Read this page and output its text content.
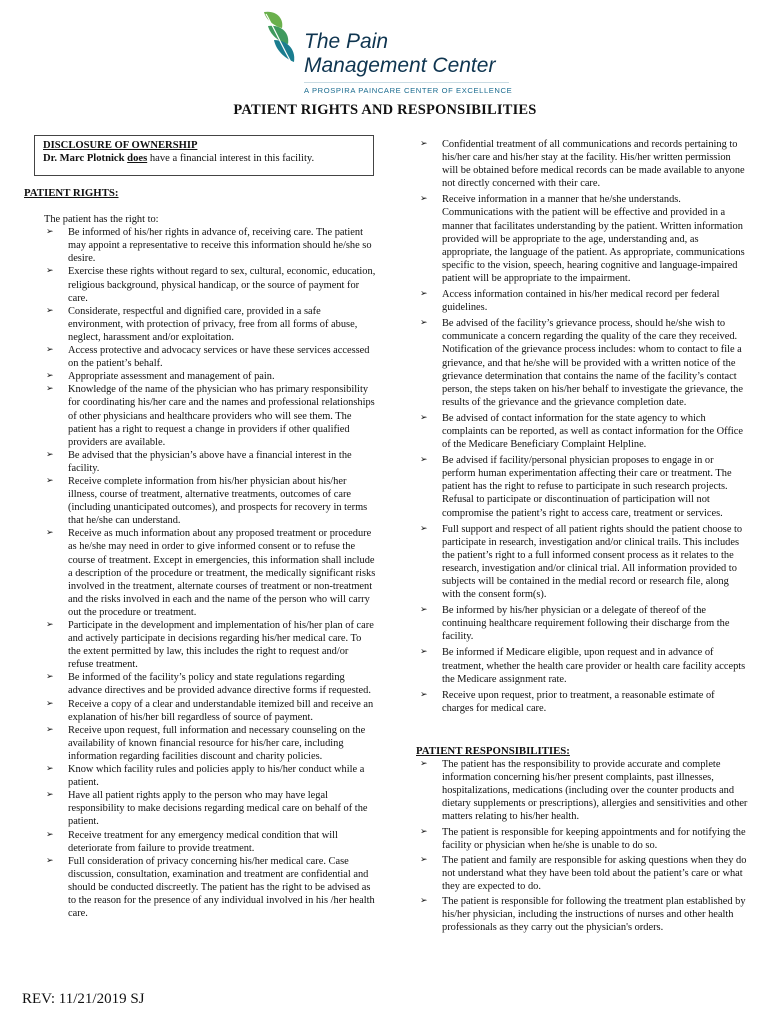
The Pain
Management Center
A PROSPIRA PAINCARE CENTER OF EXCELLENCE
PATIENT RIGHTS AND RESPONSIBILITIES
DISCLOSURE OF OWNERSHIP
Dr. Marc Plotnick does have a financial interest in this facility.
PATIENT RIGHTS:
The patient has the right to:
➢ Be informed of his/her rights in advance of, receiving care. The patient may appoint a representative to receive this information should he/she so desire.
➢ Exercise these rights without regard to sex, cultural, economic, education, religious background, physical handicap, or the source of payment for care.
➢ Considerate, respectful and dignified care, provided in a safe environment, with protection of privacy, free from all forms of abuse, neglect, harassment and/or exploitation.
➢ Access protective and advocacy services or have these services accessed on the patient’s behalf.
➢ Appropriate assessment and management of pain.
➢ Knowledge of the name of the physician who has primary responsibility for coordinating his/her care and the names and professional relationships of other physicians and healthcare providers who will see them. The patient has a right to request a change in providers if other qualified providers are available.
➢ Be advised that the physician’s above have a financial interest in the facility.
➢ Receive complete information from his/her physician about his/her illness, course of treatment, alternative treatments, outcomes of care (including unanticipated outcomes), and prospects for recovery in terms that he/she can understand.
➢ Receive as much information about any proposed treatment or procedure as he/she may need in order to give informed consent or to refuse the course of treatment. Except in emergencies, this information shall include a description of the procedure or treatment, the medically significant risks involved in the treatment, alternate courses of treatment or non-treatment and the risks involved in each and the name of the person who will carry out the procedure or treatment.
➢ Participate in the development and implementation of his/her plan of care and actively participate in decisions regarding his/her medical care. To the extent permitted by law, this includes the right to request and/or refuse treatment.
➢ Be informed of the facility’s policy and state regulations regarding advance directives and be provided advance directive forms if requested.
➢ Receive a copy of a clear and understandable itemized bill and receive an explanation of his/her bill regardless of source of payment.
➢ Receive upon request, full information and necessary counseling on the availability of known financial resource for his/her care, including information regarding facilities discount and charity policies.
➢ Know which facility rules and policies apply to his/her conduct while a patient.
➢ Have all patient rights apply to the person who may have legal responsibility to make decisions regarding medical care on behalf of the patient.
➢ Receive treatment for any emergency medical condition that will deteriorate from failure to provide treatment.
➢ Full consideration of privacy concerning his/her medical care. Case discussion, consultation, examination and treatment are confidential and should be conducted discreetly. The patient has the right to be advised as to the reason for the presence of any individual involved in his /her health care.
➢ Confidential treatment of all communications and records pertaining to his/her care and his/her stay at the facility. His/her written permission will be obtained before medical records can be made available to anyone not directly concerned with their care.
➢ Receive information in a manner that he/she understands. Communications with the patient will be effective and provided in a manner that facilitates understanding by the patient. Written information provided will be appropriate to the age, understanding and, as appropriate, the language of the patient. As appropriate, communications specific to the vision, speech, hearing cognitive and language-impaired patient will be appropriate to the impairment.
➢ Access information contained in his/her medical record per federal guidelines.
➢ Be advised of the facility’s grievance process, should he/she wish to communicate a concern regarding the quality of the care they received. Notification of the grievance process includes: whom to contact to file a grievance, and that he/she will be provided with a written notice of the grievance determination that contains the name of the facility’s contact person, the steps taken on his/her behalf to investigate the grievance, the results of the grievance and the grievance completion date.
➢ Be advised of contact information for the state agency to which complaints can be reported, as well as contact information for the Office of the Medicare Beneficiary Complaint Helpline.
➢ Be advised if facility/personal physician proposes to engage in or perform human experimentation affecting their care or treatment. The patient has the right to refuse to participate in such research projects. Refusal to participate or discontinuation of participation will not compromise the patient’s right to access care, treatment or services.
➢ Full support and respect of all patient rights should the patient choose to participate in research, investigation and/or clinical trails. This includes the patient’s right to a full informed consent process as it relates to the research, investigation and/or clinical trial. All information provided to subjects will be contained in the medial record or research file, along with the consent form(s).
➢ Be informed by his/her physician or a delegate of thereof of the continuing healthcare requirement following their discharge from the facility.
➢ Be informed if Medicare eligible, upon request and in advance of treatment, whether the health care provider or health care facility accepts the Medicare assignment rate.
➢ Receive upon request, prior to treatment, a reasonable estimate of charges for medical care.
PATIENT RESPONSIBILITIES:
➢ The patient has the responsibility to provide accurate and complete information concerning his/her present complaints, past illnesses, hospitalizations, medications (including over the counter products and dietary supplements or prescriptions), allergies and sensitivities and other matters relating to his/her health.
➢ The patient is responsible for keeping appointments and for notifying the facility or physician when he/she is unable to do so.
➢ The patient and family are responsible for asking questions when they do not understand what they have been told about the patient’s care or what they are expected to do.
➢ The patient is responsible for following the treatment plan established by his/her physician, including the instructions of nurses and other health professionals as they carry out the physician's orders.
REV: 11/21/2019 SJ
